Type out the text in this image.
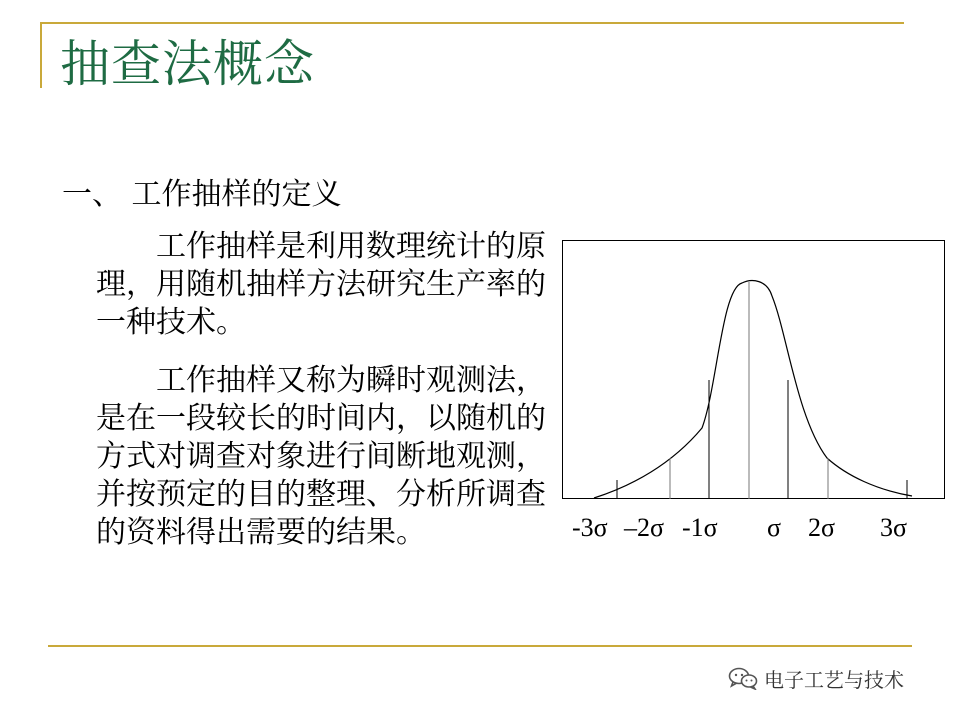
抽查法概念
一、 工作抽样的定义
工作抽样是利用数理统计的原理，用随机抽样方法研究生产率的一种技术。
工作抽样又称为瞬时观测法，是在一段较长的时间内，以随机的方式对调查对象进行间断地观测，并按预定的目的整理、分析所调查的资料得出需要的结果。	-3σ –2σ -1σ σ 2σ 3σ
电子工艺与技术
